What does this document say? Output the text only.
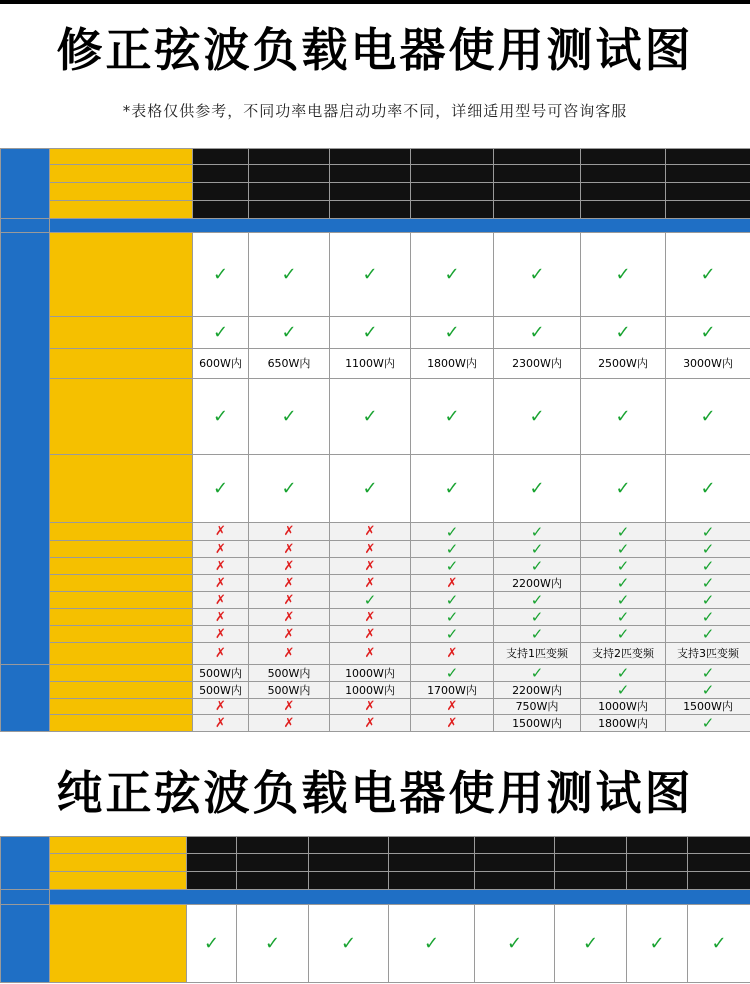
修正弦波负载电器使用测试图
*表格仅供参考，不同功率电器启动功率不同，详细适用型号可咨询客服

		✓	✓	✓	✓	✓	✓	✓
		✓	✓	✓	✓	✓	✓	✓
		600W内	650W内	1100W内	1800W内	2300W内	2500W内	3000W内
		✓	✓	✓	✓	✓	✓	✓
		✓	✓	✓	✓	✓	✓	✓
		✗	✗	✗	✓	✓	✓	✓
		✗	✗	✗	✓	✓	✓	✓
		✗	✗	✗	✓	✓	✓	✓
		✗	✗	✗	✗	2200W内	✓	✓
		✗	✗	✓	✓	✓	✓	✓
		✗	✗	✗	✓	✓	✓	✓
		✗	✗	✗	✓	✓	✓	✓
		✗	✗	✗	✗	支持1匹变频	支持2匹变频	支持3匹变频
		500W内	500W内	1000W内	✓	✓	✓	✓
		500W内	500W内	1000W内	1700W内	2200W内	✓	✓
		✗	✗	✗	✗	750W内	1000W内	1500W内
		✗	✗	✗	✗	1500W内	1800W内	✓
纯正弦波负载电器使用测试图

		✓	✓	✓	✓	✓	✓	✓	✓
